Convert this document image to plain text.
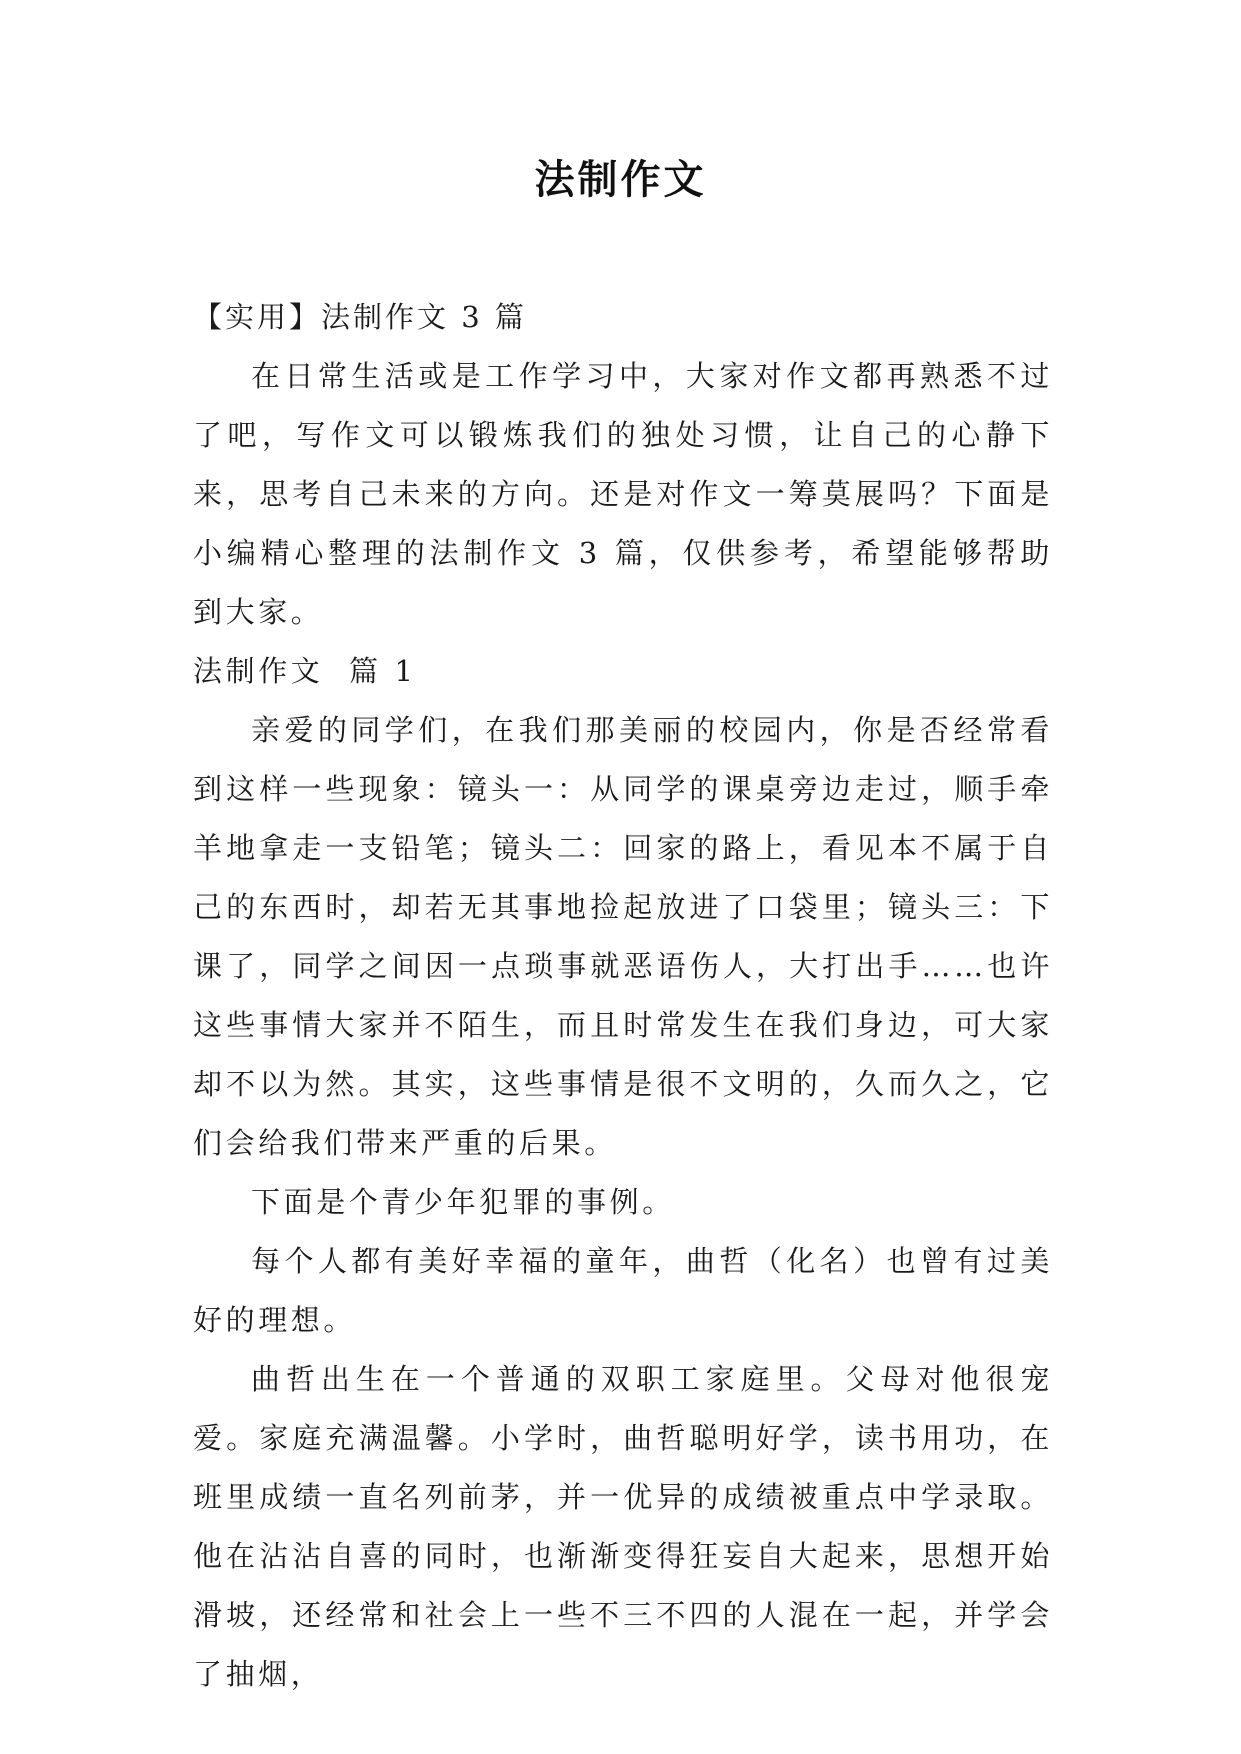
法制作文

【实用】法制作文 3 篇

在日常生活或是工作学习中，大家对作文都再熟悉不过了吧，写作文可以锻炼我们的独处习惯，让自己的心静下来，思考自己未来的方向。还是对作文一筹莫展吗？下面是小编精心整理的法制作文 3 篇，仅供参考，希望能够帮助到大家。

法制作文  篇 1

亲爱的同学们，在我们那美丽的校园内，你是否经常看到这样一些现象：镜头一：从同学的课桌旁边走过，顺手牵羊地拿走一支铅笔；镜头二：回家的路上，看见本不属于自己的东西时，却若无其事地捡起放进了口袋里；镜头三：下课了，同学之间因一点琐事就恶语伤人，大打出手……也许这些事情大家并不陌生，而且时常发生在我们身边，可大家却不以为然。其实，这些事情是很不文明的，久而久之，它们会给我们带来严重的后果。

下面是个青少年犯罪的事例。

每个人都有美好幸福的童年，曲哲（化名）也曾有过美好的理想。

曲哲出生在一个普通的双职工家庭里。父母对他很宠爱。家庭充满温馨。小学时，曲哲聪明好学，读书用功，在班里成绩一直名列前茅，并一优异的成绩被重点中学录取。他在沾沾自喜的同时，也渐渐变得狂妄自大起来，思想开始滑坡，还经常和社会上一些不三不四的人混在一起，并学会了抽烟，
